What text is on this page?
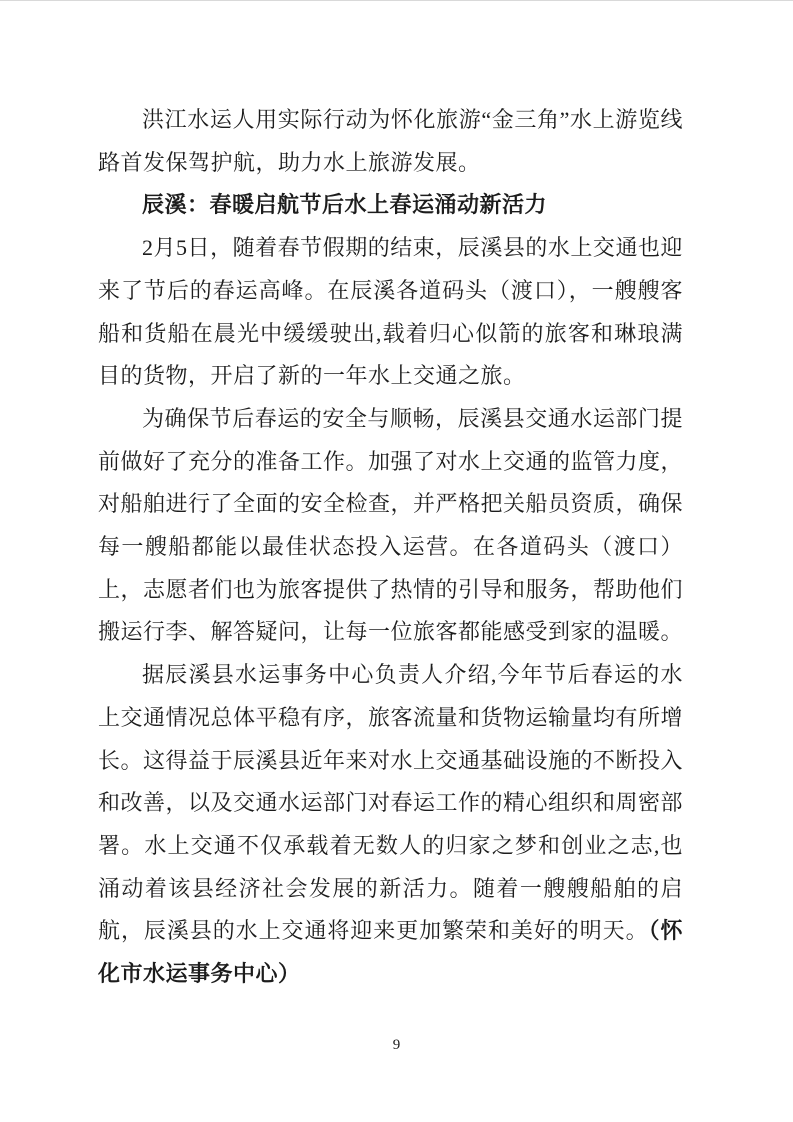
洪江水运人用实际行动为怀化旅游“金三角”水上游览线路首发保驾护航，助力水上旅游发展。

辰溪：春暖启航节后水上春运涌动新活力

2月5日，随着春节假期的结束，辰溪县的水上交通也迎来了节后的春运高峰。在辰溪各道码头（渡口），一艘艘客船和货船在晨光中缓缓驶出,载着归心似箭的旅客和琳琅满目的货物，开启了新的一年水上交通之旅。

为确保节后春运的安全与顺畅，辰溪县交通水运部门提前做好了充分的准备工作。加强了对水上交通的监管力度，对船舶进行了全面的安全检查，并严格把关船员资质，确保每一艘船都能以最佳状态投入运营。在各道码头（渡口）上，志愿者们也为旅客提供了热情的引导和服务，帮助他们搬运行李、解答疑问，让每一位旅客都能感受到家的温暖。

据辰溪县水运事务中心负责人介绍,今年节后春运的水上交通情况总体平稳有序，旅客流量和货物运输量均有所增长。这得益于辰溪县近年来对水上交通基础设施的不断投入和改善，以及交通水运部门对春运工作的精心组织和周密部署。水上交通不仅承载着无数人的归家之梦和创业之志,也涌动着该县经济社会发展的新活力。随着一艘艘船舶的启航，辰溪县的水上交通将迎来更加繁荣和美好的明天。（怀化市水运事务中心）

9
